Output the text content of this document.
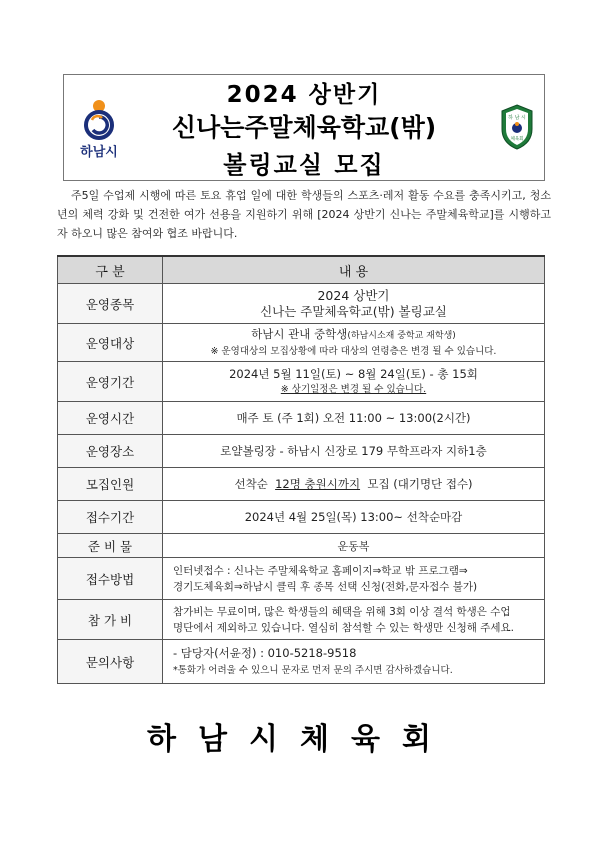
2024 상반기
신나는주말체육학교(밖)
볼링교실 모집
하남시
하 남 시
체육회
주5일 수업제 시행에 따른 토요 휴업 일에 대한 학생들의 스포츠·레저 활동 수요를 충족시키고, 청소년의 체력 강화 및 건전한 여가 선용을 지원하기 위해 [2024 상반기 신나는 주말체육학교]를 시행하고자 하오니 많은 참여와 협조 바랍니다.
구 분	내 용
운영종목	2024 상반기
신나는 주말체육학교(밖) 볼링교실

운영대상	하남시 관내 중학생(하남시소재 중학교 재학생)
※ 운영대상의 모집상황에 따라 대상의 연령층은 변경 될 수 있습니다.

운영기간	2024년 5월 11일(토) ~ 8월 24일(토) - 총 15회
※ 상기일정은 변경 될 수 있습니다.

운영시간	매주 토 (주 1회) 오전 11:00 ~ 13:00(2시간)
운영장소	로얄볼링장 - 하남시 신장로 179 무학프라자 지하1층
모집인원	선착순 12명 충원시까지 모집 (대기명단 접수)
접수기간	2024년 4월 25일(목) 13:00~ 선착순마감
준 비 물	운동복
접수방법	인터넷접수 : 신나는 주말체육학교 홈페이지⇒학교 밖 프로그램⇒
경기도체육회⇒하남시 클릭 후 종목 선택 신청(전화,문자접수 불가)

참 가 비	참가비는 무료이며, 많은 학생들의 혜택을 위해 3회 이상 결석 학생은 수업
명단에서 제외하고 있습니다. 열심히 참석할 수 있는 학생만 신청해 주세요.

문의사항	- 담당자(서윤정) : 010-5218-9518
*통화가 어려울 수 있으니 문자로 먼저 문의 주시면 감사하겠습니다.
하남시체육회
